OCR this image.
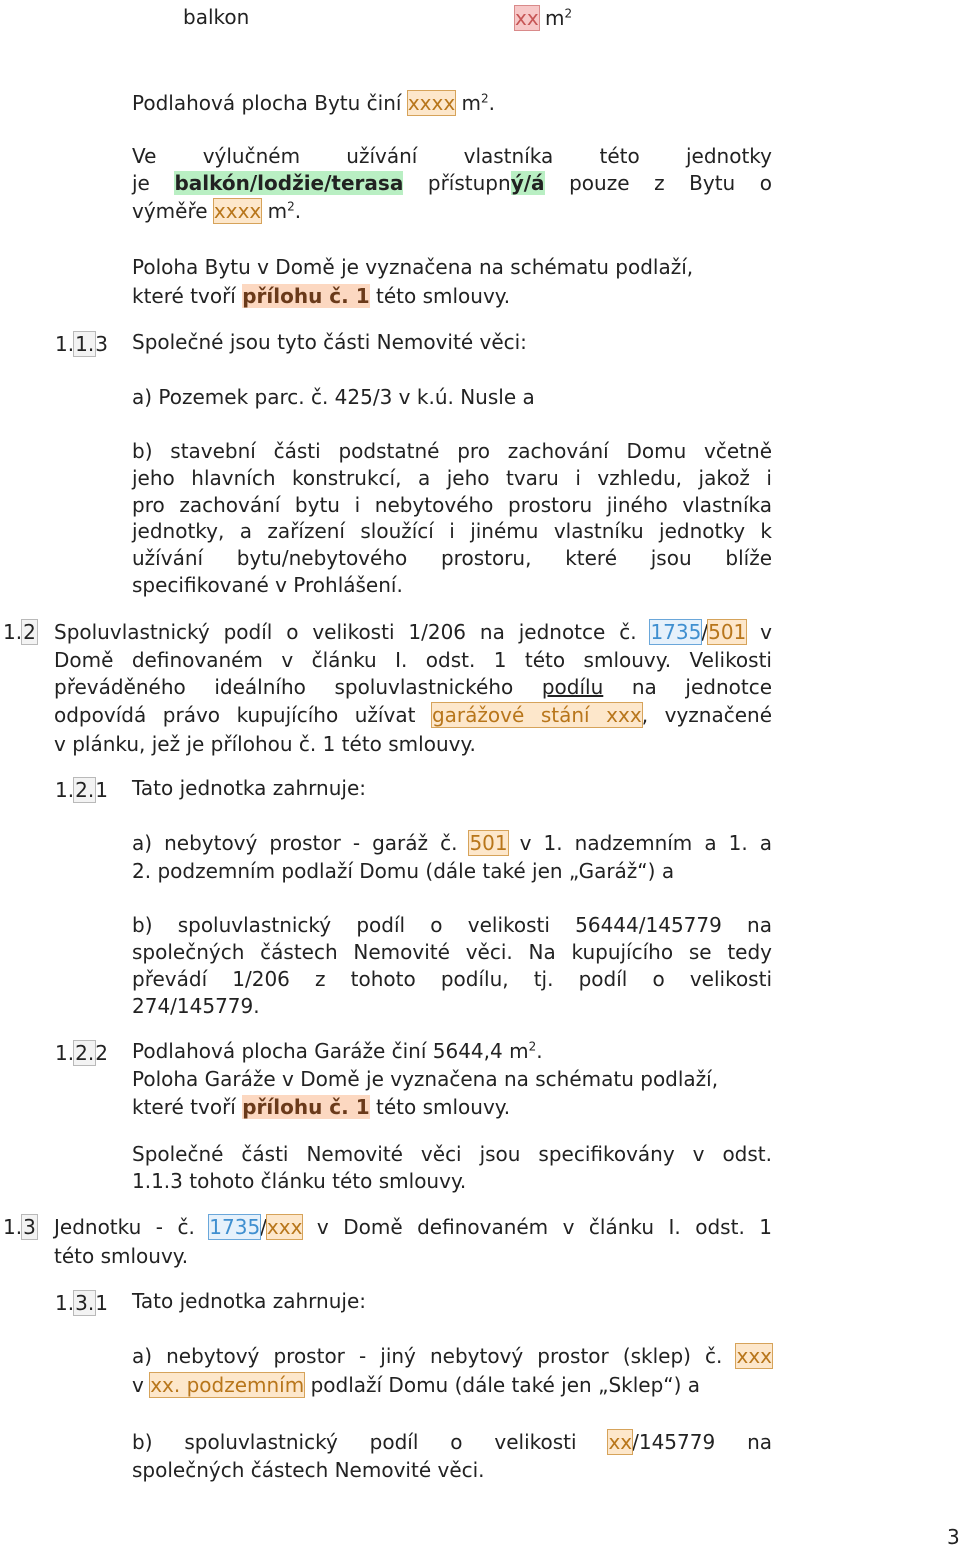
balkon	xx $m^2$
Podlahová plocha Bytu činí xxxx $m^2$.
Ve výlučném užívání vlastníka této jednotky
je balkón/lodžie/terasa přístupný/á pouze z Bytu o
výměře xxxx $m^2$.
Poloha Bytu v Domě je vyznačena na schématu podlaží,
které tvoří přílohu č. 1 této smlouvy.
1.1.3 Společné jsou tyto části Nemovité věci:
a) Pozemek parc. č. 425/3 v k.ú. Nusle a
b) stavební části podstatné pro zachování Domu včetně
jeho hlavních konstrukcí, a jeho tvaru i vzhledu, jakož i
pro zachování bytu i nebytového prostoru jiného vlastníka
jednotky, a zařízení sloužící i jinému vlastníku jednotky k
užívání bytu/nebytového prostoru, které jsou blíže
specifikované v Prohlášení.
1.2 Spoluvlastnický podíl o velikosti 1/206 na jednotce č. 1735/501 v
Domě definovaném v článku I. odst. 1 této smlouvy. Velikosti
převáděného ideálního spoluvlastnického podílu na jednotce
odpovídá právo kupujícího užívat garážové stání xxx, vyznačené
v plánku, jež je přílohou č. 1 této smlouvy.
1.2.1 Tato jednotka zahrnuje:
a) nebytový prostor - garáž č. 501 v 1. nadzemním a 1. a
2. podzemním podlaží Domu (dále také jen „Garáž“) a
b) spoluvlastnický podíl o velikosti 56444/145779 na
společných částech Nemovité věci. Na kupujícího se tedy
převádí 1/206 z tohoto podílu, tj. podíl o velikosti
274/145779.
1.2.2 Podlahová plocha Garáže činí 5644,4 $m^2$.
Poloha Garáže v Domě je vyznačena na schématu podlaží,
které tvoří přílohu č. 1 této smlouvy.
Společné části Nemovité věci jsou specifikovány v odst.
1.1.3 tohoto článku této smlouvy.
1.3 Jednotku - č. 1735/xxx v Domě definovaném v článku I. odst. 1
této smlouvy.
1.3.1 Tato jednotka zahrnuje:
a) nebytový prostor - jiný nebytový prostor (sklep) č. xxx
v xx. podzemním podlaží Domu (dále také jen „Sklep“) a
b) spoluvlastnický podíl o velikosti xx/145779 na
společných částech Nemovité věci.
3
